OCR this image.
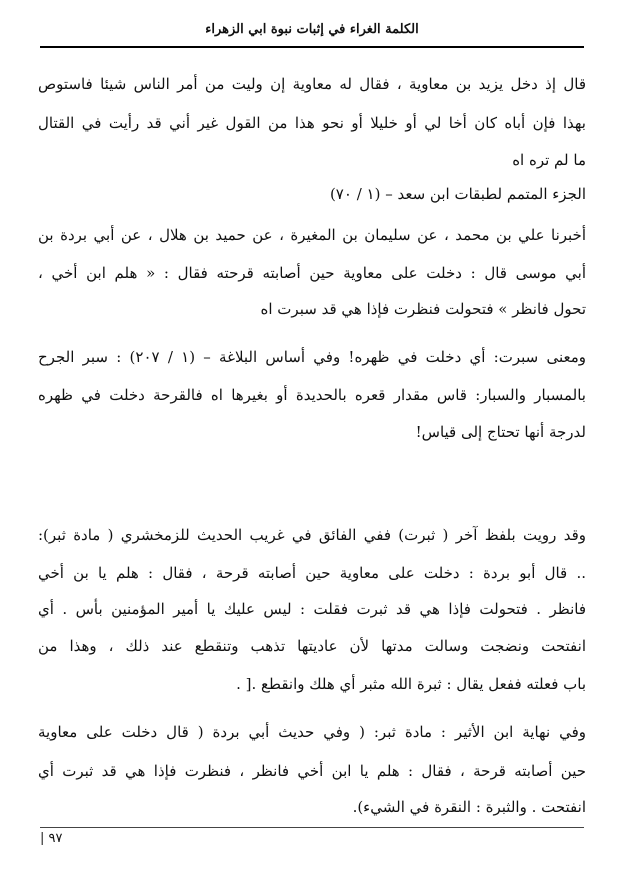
الكلمة الغراء في إثبات نبوة ابي الزهراء
قال إذ دخل يزيد بن معاوية ، فقال له معاوية إن وليت من أمر الناس شيئا فاستوص
بهذا فإن أباه كان أخا لي أو خليلا أو نحو هذا من القول غير أني قد رأيت في القتال
ما لم تره اه
الجزء المتمم لطبقات ابن سعد – (١ / ٧٠)
أخبرنا علي بن محمد ، عن سليمان بن المغيرة ، عن حميد بن هلال ، عن أبي بردة بن
أبي موسى قال : دخلت على معاوية حين أصابته قرحته فقال : « هلم ابن أخي ،
تحول فانظر » فتحولت فنظرت فإذا هي قد سبرت اه
ومعنى سبرت: أي دخلت في ظهره! وفي أساس البلاغة – (١ / ٢٠٧) : سبر الجرح
بالمسبار والسبار: قاس مقدار قعره بالحديدة أو بغيرها اه فالقرحة دخلت في ظهره
لدرجة أنها تحتاج إلى قياس!
وقد رويت بلفظ آخر ( ثبرت) ففي الفائق في غريب الحديث للزمخشري ( مادة ثبر):
.. قال أبو بردة : دخلت على معاوية حين أصابته قرحة ، فقال : هلم يا بن أخي
فانظر . فتحولت فإذا هي قد ثبرت فقلت : ليس عليك يا أمير المؤمنين بأس . أي
انفتحت ونضجت وسالت مدتها لأن عاديتها تذهب وتنقطع عند ذلك ، وهذا من
باب فعلته ففعل يقال : ثبرة الله مثبر أي هلك وانقطع .[ .
وفي نهاية ابن الأثير : مادة ثبر: ( وفي حديث أبي بردة ( قال دخلت على معاوية
حين أصابته قرحة ، فقال : هلم يا ابن أخي فانظر ، فنظرت فإذا هي قد ثبرت أي
انفتحت . والثبرة : النقرة في الشيء).
٩٧ |
